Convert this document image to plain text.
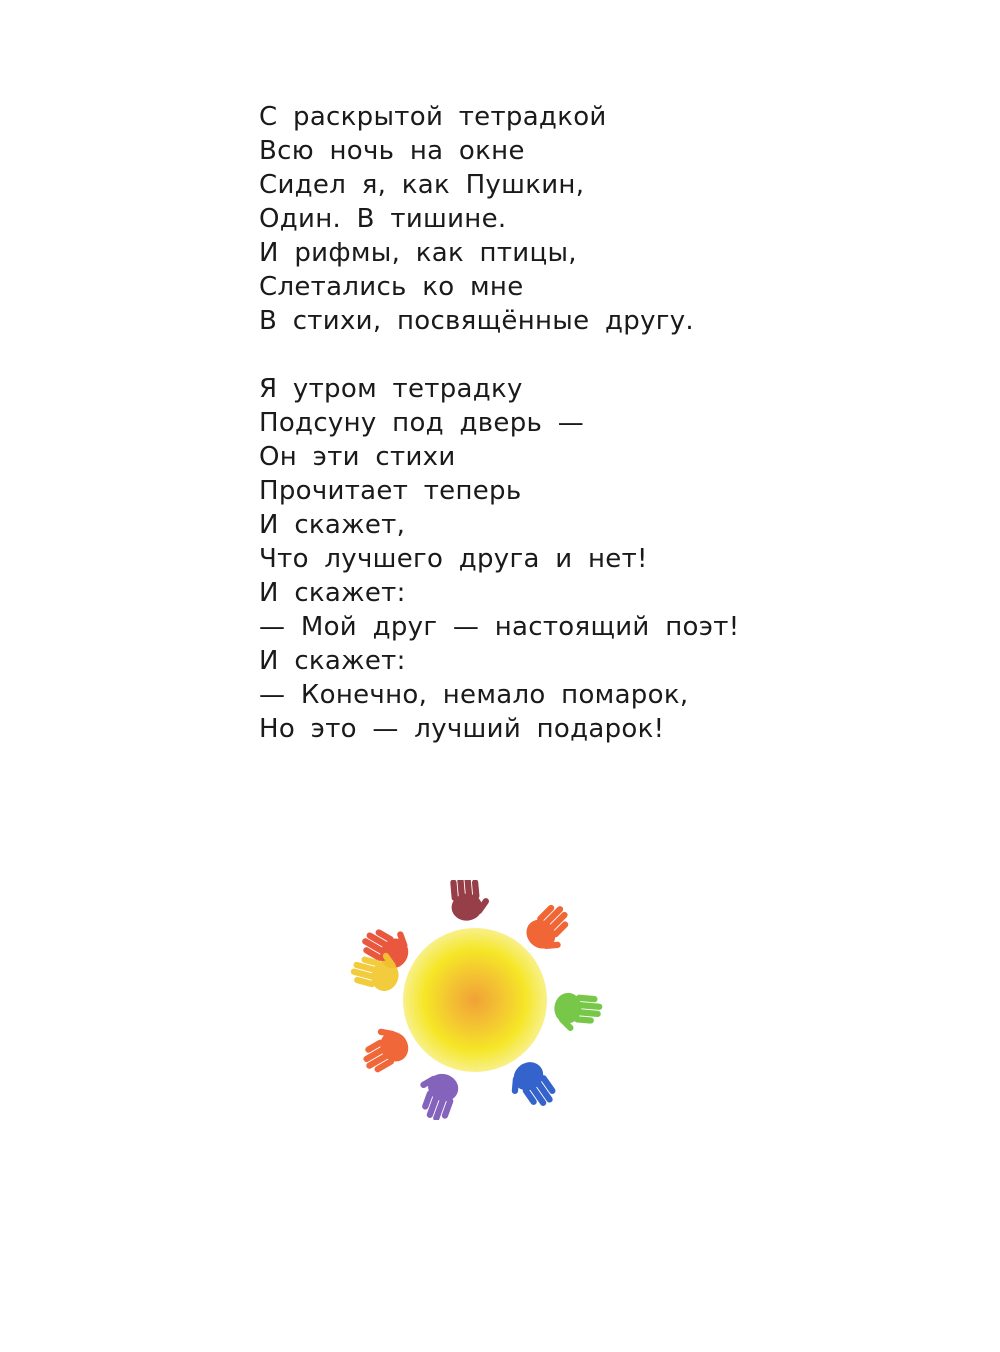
С раскрытой тетрадкой
Всю ночь на окне
Сидел я, как Пушкин,
Один. В тишине.
И рифмы, как птицы,
Слетались ко мне
В стихи, посвящённые другу.
Я утром тетрадку
Подсуну под дверь —
Он эти стихи
Прочитает теперь
И скажет,
Что лучшего друга и нет!
И скажет:
— Мой друг — настоящий поэт!
И скажет:
— Конечно, немало помарок,
Но это — лучший подарок!
